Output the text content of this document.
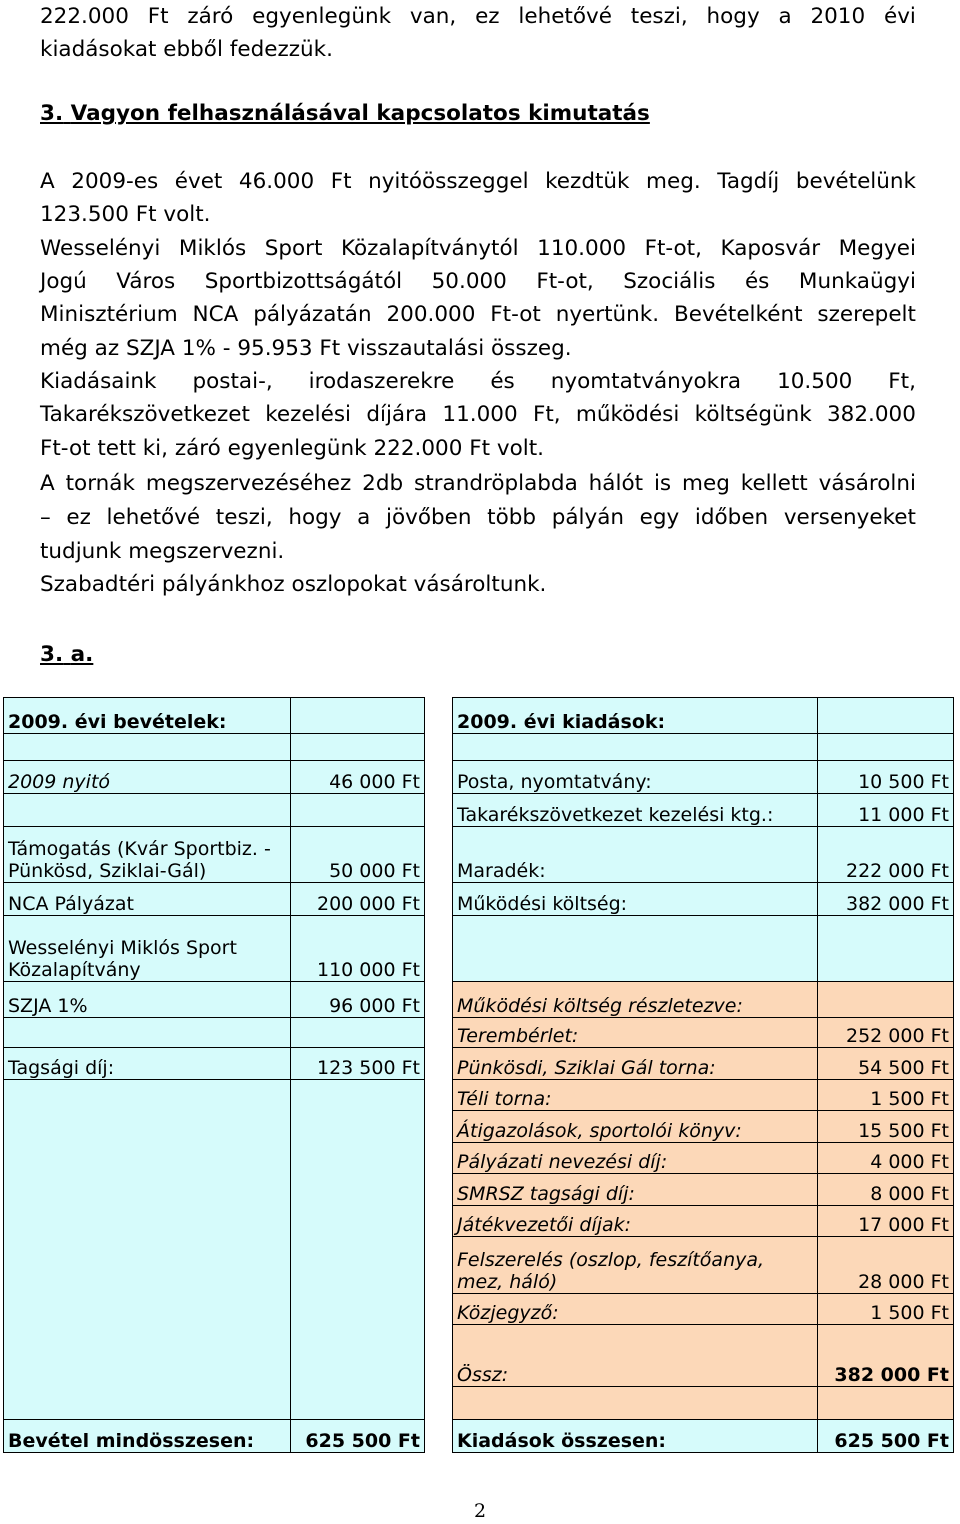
222.000 Ft záró egyenlegünk van, ez lehetővé teszi, hogy a 2010 évi
kiadásokat ebből fedezzük.
3. Vagyon felhasználásával kapcsolatos kimutatás
A 2009-es évet 46.000 Ft nyitóösszeggel kezdtük meg. Tagdíj bevételünk
123.500 Ft volt.
Wesselényi Miklós Sport Közalapítványtól 110.000 Ft-ot, Kaposvár Megyei
Jogú Város Sportbizottságától 50.000 Ft-ot, Szociális és Munkaügyi
Minisztérium NCA pályázatán 200.000 Ft-ot nyertünk. Bevételként szerepelt
még az SZJA 1% - 95.953 Ft visszautalási összeg.
Kiadásaink postai-, irodaszerekre és nyomtatványokra 10.500 Ft,
Takarékszövetkezet kezelési díjára 11.000 Ft, működési költségünk 382.000
Ft-ot tett ki, záró egyenlegünk 222.000 Ft volt.
A tornák megszervezéséhez 2db strandröplabda hálót is meg kellett vásárolni
– ez lehetővé teszi, hogy a jövőben több pályán egy időben versenyeket
tudjunk megszervezni.
Szabadtéri pályánkhoz oszlopokat vásároltunk.
3. a.
2009. évi bevételek:	

2009 nyitó	46 000 Ft

Támogatás (Kvár Sportbiz. -
Pünkösd, Sziklai-Gál)	50 000 Ft
NCA Pályázat	200 000 Ft
Wesselényi Miklós Sport
Közalapítvány	110 000 Ft
SZJA 1%	96 000 Ft

Tagsági díj:	123 500 Ft

Bevétel mindösszesen:	625 500 Ft
2009. évi kiadások:	

Posta, nyomtatvány:	10 500 Ft
Takarékszövetkezet kezelési ktg.:	11 000 Ft
Maradék:	222 000 Ft
Működési költség:	382 000 Ft

Működési költség részletezve:	
Terembérlet:	252 000 Ft
Pünkösdi, Sziklai Gál torna:	54 500 Ft
Téli torna:	1 500 Ft
Átigazolások, sportolói könyv:	15 500 Ft
Pályázati nevezési díj:	4 000 Ft
SMRSZ tagsági díj:	8 000 Ft
Játékvezetői díjak:	17 000 Ft
Felszerelés (oszlop, feszítőanya,
mez, háló)	28 000 Ft
Közjegyző:	1 500 Ft
Össz:	382 000 Ft

Kiadások összesen:	625 500 Ft
2
